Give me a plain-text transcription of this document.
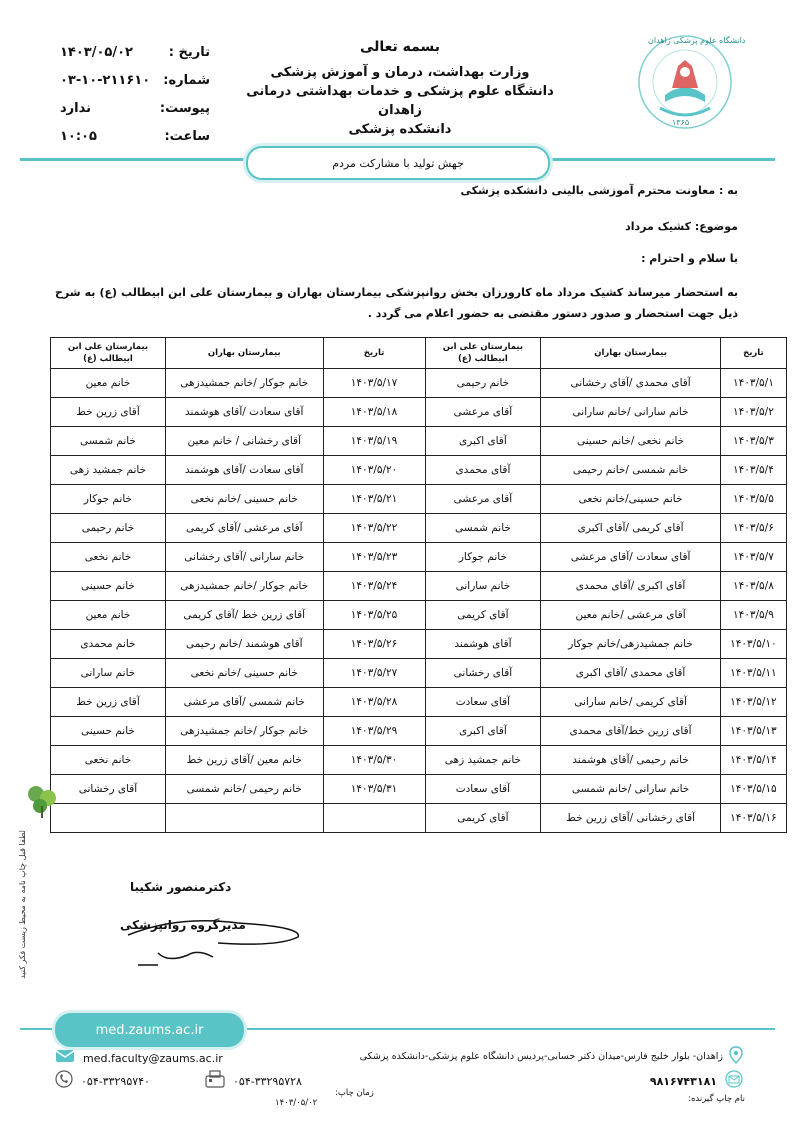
تاریخ :
۱۴۰۳/۰۵/۰۲
شماره:
۰۳-۱۰-۲۱۱۶۱۰
پیوست:
ندارد
ساعت:
۱۰:۰۵
بسمه تعالی
وزارت بهداشت، درمان و آموزش پزشکی
دانشگاه علوم پزشکی و خدمات بهداشتی درمانی زاهدان
دانشکده پزشکی
دانشگاه علوم پزشکی زاهدان
۱۳۶۵
جهش تولید با مشارکت مردم
به : معاونت محترم آموزشی بالینی دانشکده پزشکی
موضوع: کشیک مرداد
با سلام و احترام :
به استحضار میرساند کشیک مرداد ماه کارورزان بخش روانپزشکی بیمارستان بهاران و بیمارستان علی ابن ابیطالب (ع) به شرح ذیل جهت استحضار و صدور دستور مقتضی به حضور اعلام می گردد .
تاریخ	بیمارستان بهاران	بیمارستان علی ابن ابیطالب (ع)	تاریخ	بیمارستان بهاران	بیمارستان علی ابن ابیطالب (ع)
۱۴۰۳/۵/۱	آقای محمدی /آقای رخشانی	خانم رحیمی	۱۴۰۳/۵/۱۷	خانم جوکار /خانم جمشیدزهی	خانم معین
۱۴۰۳/۵/۲	خانم سارانی /خانم سارانی	آقای مرعشی	۱۴۰۳/۵/۱۸	آقای سعادت /آقای هوشمند	آقای زرین خط
۱۴۰۳/۵/۳	خانم نخعی /خانم حسینی	آقای اکبری	۱۴۰۳/۵/۱۹	آقای رخشانی / خانم معین	خانم شمسی
۱۴۰۳/۵/۴	خانم شمسی /خانم رحیمی	آقای محمدی	۱۴۰۳/۵/۲۰	آقای سعادت /آقای هوشمند	خانم جمشید زهی
۱۴۰۳/۵/۵	خانم حسینی/خانم نخعی	آقای مرعشی	۱۴۰۳/۵/۲۱	خانم حسینی /خانم نخعی	خانم جوکار
۱۴۰۳/۵/۶	آقای کریمی /آقای اکبری	خانم شمسی	۱۴۰۳/۵/۲۲	آقای مرعشی /آقای کریمی	خانم رحیمی
۱۴۰۳/۵/۷	آقای سعادت /آقای مرعشی	خانم جوکار	۱۴۰۳/۵/۲۳	خانم سارانی /آقای رخشانی	خانم نخعی
۱۴۰۳/۵/۸	آقای اکبری /آقای محمدی	خانم سارانی	۱۴۰۳/۵/۲۴	خانم جوکار /خانم جمشیدزهی	خانم حسینی
۱۴۰۳/۵/۹	آقای مرعشی /خانم معین	آقای کریمی	۱۴۰۳/۵/۲۵	آقای زرین خط /آقای کریمی	خانم معین
۱۴۰۳/۵/۱۰	خانم جمشیدزهی/خانم جوکار	آقای هوشمند	۱۴۰۳/۵/۲۶	آقای هوشمند /خانم رحیمی	خانم محمدی
۱۴۰۳/۵/۱۱	آقای محمدی /آقای اکبری	آقای رخشانی	۱۴۰۳/۵/۲۷	خانم حسینی /خانم نخعی	خانم سارانی
۱۴۰۳/۵/۱۲	آقای کریمی /خانم سارانی	آقای سعادت	۱۴۰۳/۵/۲۸	خانم شمسی /آقای مرعشی	آقای زرین خط
۱۴۰۳/۵/۱۳	آقای زرین خط/آقای محمدی	آقای اکبری	۱۴۰۳/۵/۲۹	خانم جوکار /خانم جمشیدزهی	خانم حسینی
۱۴۰۳/۵/۱۴	خانم رحیمی /آقای هوشمند	خانم جمشید زهی	۱۴۰۳/۵/۳۰	خانم معین /آقای زرین خط	خانم نخعی
۱۴۰۳/۵/۱۵	خانم سارانی /خانم شمسی	آقای سعادت	۱۴۰۳/۵/۳۱	خانم رحیمی /خانم شمسی	آقای رخشانی
۱۴۰۳/۵/۱۶	آقای رخشانی /آقای زرین خط	آقای کریمی			
دکترمنصور شکیبا
مدیرگروه روانپزشکی
لطفا قبل چاپ نامه به محیط زیست فکر کنید
med.zaums.ac.ir
med.faculty@zaums.ac.ir
۰۵۴-۳۳۲۹۵۷۴۰	۰۵۴-۳۳۲۹۵۷۲۸
زاهدان- بلوار خلیج فارس-میدان دکتر حسابی-پردیس دانشگاه علوم پزشکی-دانشکده پزشکی
۹۸۱۶۷۴۳۱۸۱
زمان چاپ:
۱۴۰۳/۰۵/۰۲	نام چاپ گیرنده:
